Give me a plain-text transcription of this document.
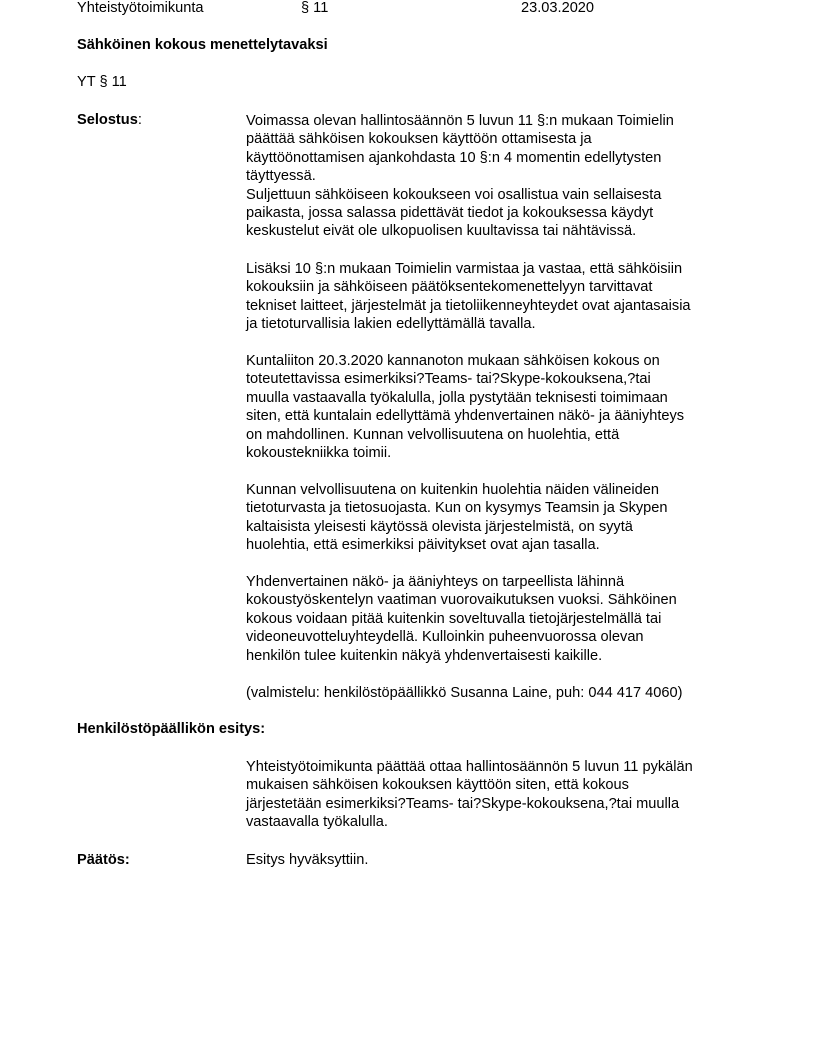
Yhteistyötoimikunta	§ 11	23.03.2020
Sähköinen kokous menettelytavaksi
YT § 11
Selostus:	Voimassa olevan hallintosäännön 5 luvun 11 §:n mukaan Toimielin
päättää sähköisen kokouksen käyttöön ottamisesta ja
käyttöönottamisen ajankohdasta 10 §:n 4 momentin edellytysten
täyttyessä.
Suljettuun sähköiseen kokoukseen voi osallistua vain sellaisesta
paikasta, jossa salassa pidettävät tiedot ja kokouksessa käydyt
keskustelut eivät ole ulkopuolisen kuultavissa tai nähtävissä.
Lisäksi 10 §:n mukaan Toimielin varmistaa ja vastaa, että sähköisiin
kokouksiin ja sähköiseen päätöksentekomenettelyyn tarvittavat
tekniset laitteet, järjestelmät ja tietoliikenneyhteydet ovat ajantasaisia
ja tietoturvallisia lakien edellyttämällä tavalla.
Kuntaliiton 20.3.2020 kannanoton mukaan sähköisen kokous on
toteutettavissa esimerkiksi?Teams- tai?Skype-kokouksena,?tai
muulla vastaavalla työkalulla, jolla pystytään teknisesti toimimaan
siten, että kuntalain edellyttämä yhdenvertainen näkö- ja ääniyhteys
on mahdollinen. Kunnan velvollisuutena on huolehtia, että
kokoustekniikka toimii.
Kunnan velvollisuutena on kuitenkin huolehtia näiden välineiden
tietoturvasta ja tietosuojasta. Kun on kysymys Teamsin ja Skypen
kaltaisista yleisesti käytössä olevista järjestelmistä, on syytä
huolehtia, että esimerkiksi päivitykset ovat ajan tasalla.
Yhdenvertainen näkö- ja ääniyhteys on tarpeellista lähinnä
kokoustyöskentelyn vaatiman vuorovaikutuksen vuoksi. Sähköinen
kokous voidaan pitää kuitenkin soveltuvalla tietojärjestelmällä tai
videoneuvotteluyhteydellä. Kulloinkin puheenvuorossa olevan
henkilön tulee kuitenkin näkyä yhdenvertaisesti kaikille.
(valmistelu: henkilöstöpäällikkö Susanna Laine, puh: 044 417 4060)
Henkilöstöpäällikön esitys:
Yhteistyötoimikunta päättää ottaa hallintosäännön 5 luvun 11 pykälän
mukaisen sähköisen kokouksen käyttöön siten, että kokous
järjestetään esimerkiksi?Teams- tai?Skype-kokouksena,?tai muulla
vastaavalla työkalulla.
Päätös:	Esitys hyväksyttiin.
